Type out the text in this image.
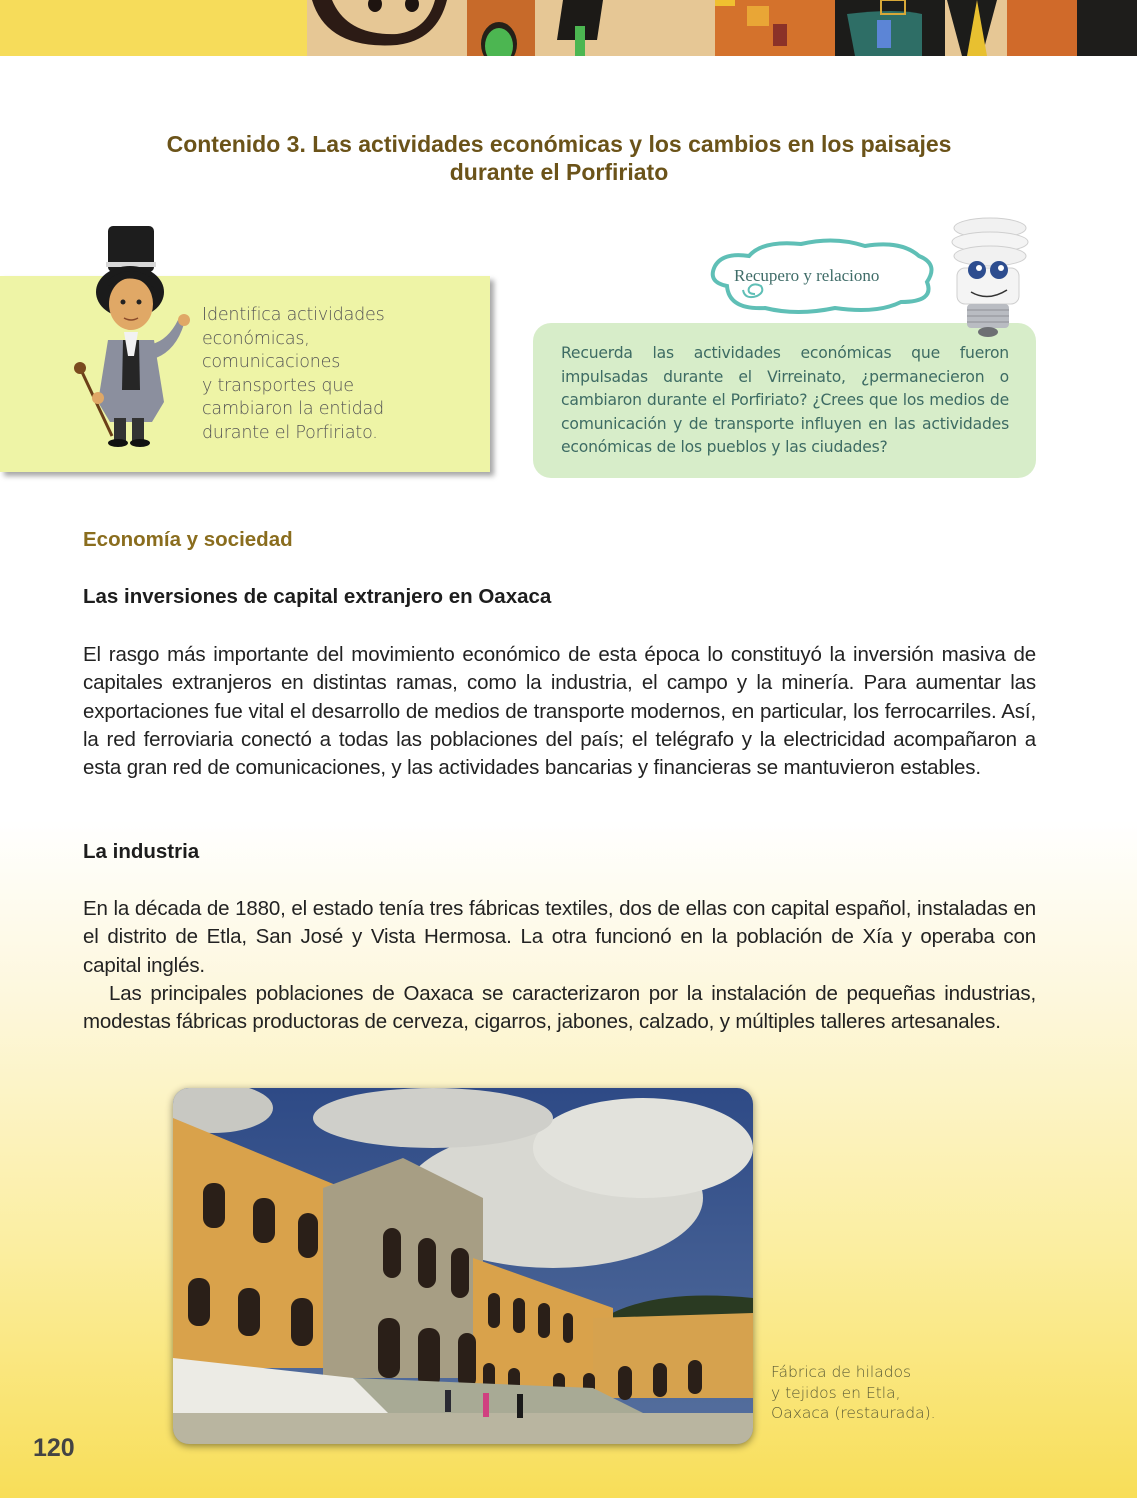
Contenido 3. Las actividades económicas y los cambios en los paisajes
durante el Porfiriato
Identifica actividades
económicas,
comunicaciones
y transportes que
cambiaron la entidad
durante el Porfiriato.
Recuerda las actividades económicas que fueron impulsadas durante el Virreinato, ¿permanecieron o cambiaron durante el Porfiriato? ¿Crees que los medios de comunicación y de transporte influyen en las actividades económicas de los pueblos y las ciudades?
Recupero y relaciono
Economía y sociedad
Las inversiones de capital extranjero en Oaxaca

El rasgo más importante del movimiento económico de esta época lo constituyó la inversión masiva de capitales extranjeros en distintas ramas, como la industria, el campo y la minería. Para aumentar las exportaciones fue vital el desarrollo de medios de transporte modernos, en particular, los ferrocarriles. Así, la red ferroviaria conectó a todas las poblaciones del país; el telégrafo y la electricidad acompañaron a esta gran red de comunicaciones, y las actividades bancarias y financieras se mantuvieron estables.

La industria

En la década de 1880, el estado tenía tres fábricas textiles, dos de ellas con capital español, instaladas en el distrito de Etla, San José y Vista Hermosa. La otra funcionó en la población de Xía y operaba con capital inglés.

Las principales poblaciones de Oaxaca se caracterizaron por la instalación de pequeñas industrias, modestas fábricas productoras de cerveza, cigarros, jabones, calzado, y múltiples talleres artesanales.

Fábrica de hilados
y tejidos en Etla,
Oaxaca (restaurada).
120
